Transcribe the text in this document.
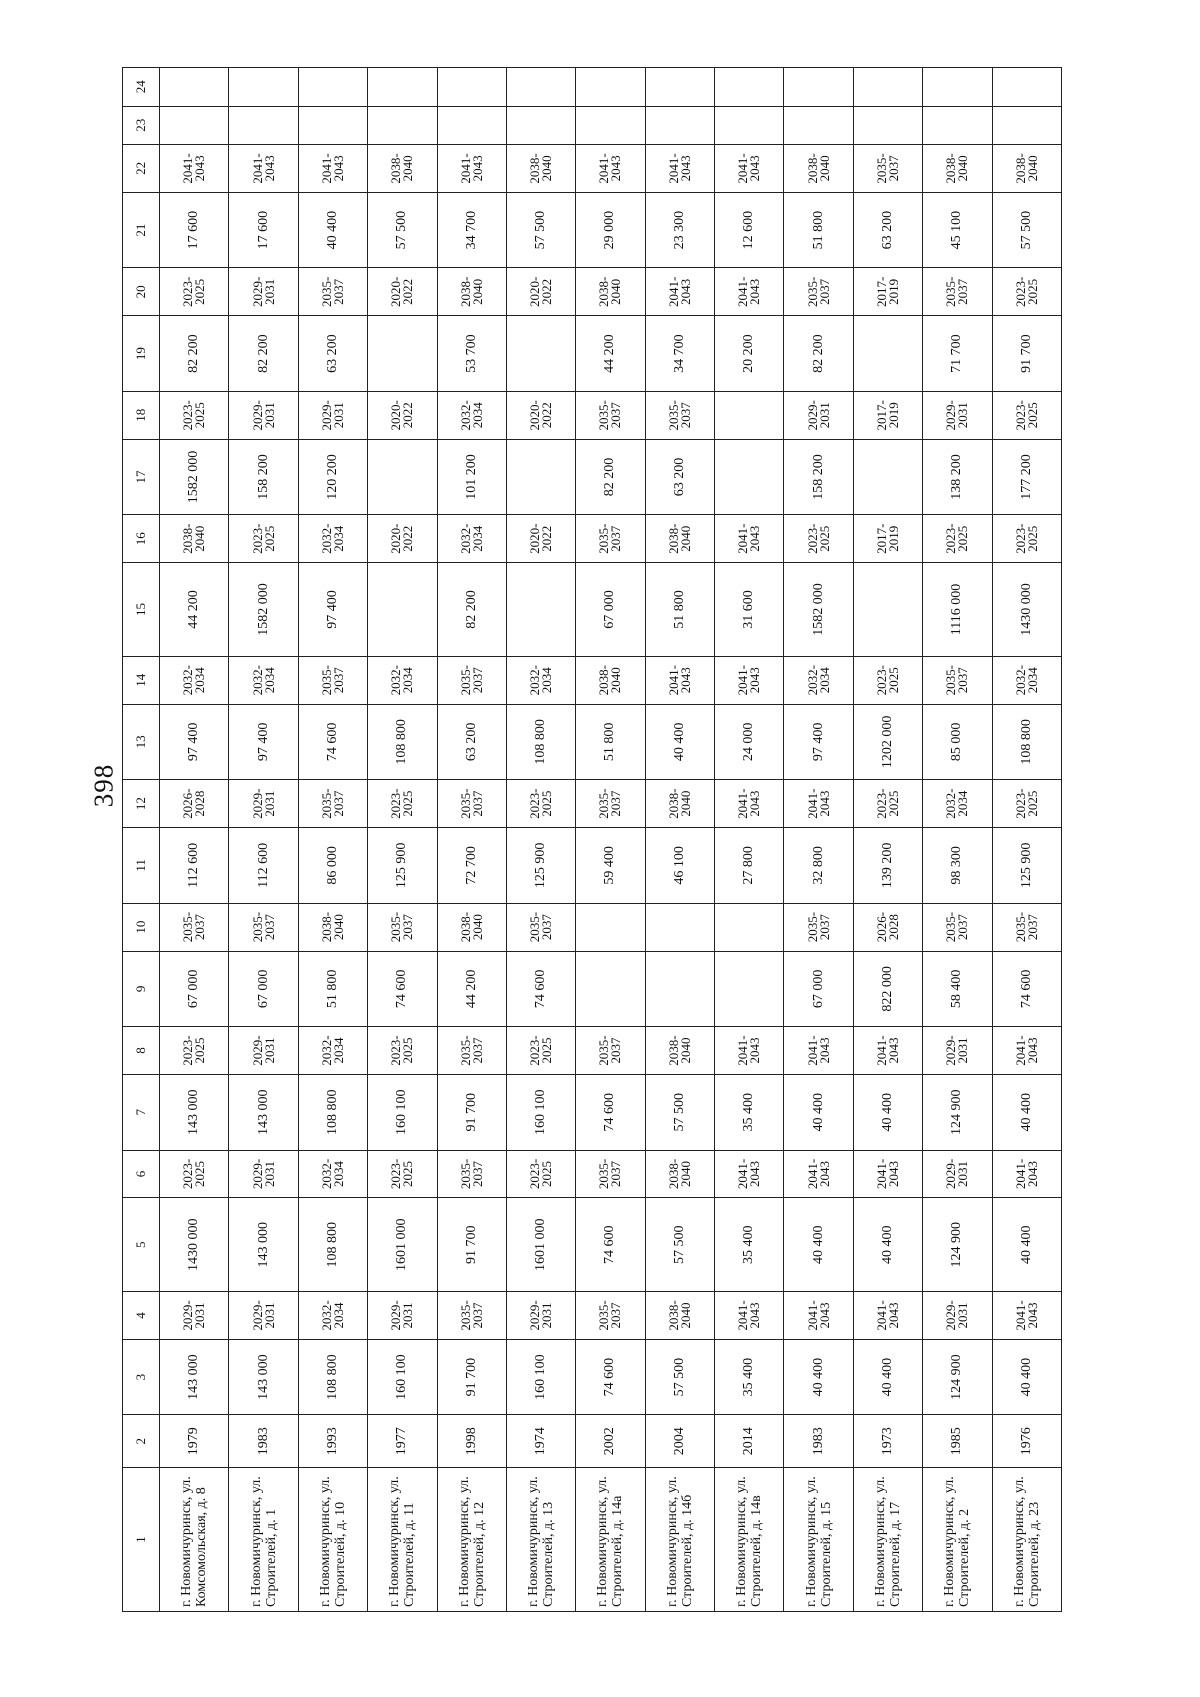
398
1	2	3	4	5	6	7	8	9	10	11	12	13	14	15	16	17	18	19	20	21	22	23	24
г. Новомичуринск, ул. Комсомольская, д. 8	1979	143 000	2029-2031	1430 000	2023-2025	143 000	2023-2025	67 000	2035-2037	112 600	2026-2028	97 400	2032-2034	44 200	2038-2040	1582 000	2023-2025	82 200	2023-2025	17 600	2041-2043		
г. Новомичуринск, ул. Строителей, д. 1	1983	143 000	2029-2031	143 000	2029-2031	143 000	2029-2031	67 000	2035-2037	112 600	2029-2031	97 400	2032-2034	1582 000	2023-2025	158 200	2029-2031	82 200	2029-2031	17 600	2041-2043		
г. Новомичуринск, ул. Строителей, д. 10	1993	108 800	2032-2034	108 800	2032-2034	108 800	2032-2034	51 800	2038-2040	86 000	2035-2037	74 600	2035-2037	97 400	2032-2034	120 200	2029-2031	63 200	2035-2037	40 400	2041-2043		
г. Новомичуринск, ул. Строителей, д. 11	1977	160 100	2029-2031	1601 000	2023-2025	160 100	2023-2025	74 600	2035-2037	125 900	2023-2025	108 800	2032-2034		2020-2022		2020-2022		2020-2022	57 500	2038-2040		
г. Новомичуринск, ул. Строителей, д. 12	1998	91 700	2035-2037	91 700	2035-2037	91 700	2035-2037	44 200	2038-2040	72 700	2035-2037	63 200	2035-2037	82 200	2032-2034	101 200	2032-2034	53 700	2038-2040	34 700	2041-2043		
г. Новомичуринск, ул. Строителей, д. 13	1974	160 100	2029-2031	1601 000	2023-2025	160 100	2023-2025	74 600	2035-2037	125 900	2023-2025	108 800	2032-2034		2020-2022		2020-2022		2020-2022	57 500	2038-2040		
г. Новомичуринск, ул. Строителей, д. 14а	2002	74 600	2035-2037	74 600	2035-2037	74 600	2035-2037			59 400	2035-2037	51 800	2038-2040	67 000	2035-2037	82 200	2035-2037	44 200	2038-2040	29 000	2041-2043		
г. Новомичуринск, ул. Строителей, д. 14б	2004	57 500	2038-2040	57 500	2038-2040	57 500	2038-2040			46 100	2038-2040	40 400	2041-2043	51 800	2038-2040	63 200	2035-2037	34 700	2041-2043	23 300	2041-2043		
г. Новомичуринск, ул. Строителей, д. 14в	2014	35 400	2041-2043	35 400	2041-2043	35 400	2041-2043			27 800	2041-2043	24 000	2041-2043	31 600	2041-2043			20 200	2041-2043	12 600	2041-2043		
г. Новомичуринск, ул. Строителей, д. 15	1983	40 400	2041-2043	40 400	2041-2043	40 400	2041-2043	67 000	2035-2037	32 800	2041-2043	97 400	2032-2034	1582 000	2023-2025	158 200	2029-2031	82 200	2035-2037	51 800	2038-2040		
г. Новомичуринск, ул. Строителей, д. 17	1973	40 400	2041-2043	40 400	2041-2043	40 400	2041-2043	822 000	2026-2028	139 200	2023-2025	1202 000	2023-2025		2017-2019		2017-2019		2017-2019	63 200	2035-2037		
г. Новомичуринск, ул. Строителей, д. 2	1985	124 900	2029-2031	124 900	2029-2031	124 900	2029-2031	58 400	2035-2037	98 300	2032-2034	85 000	2035-2037	1116 000	2023-2025	138 200	2029-2031	71 700	2035-2037	45 100	2038-2040		
г. Новомичуринск, ул. Строителей, д. 23	1976	40 400	2041-2043	40 400	2041-2043	40 400	2041-2043	74 600	2035-2037	125 900	2023-2025	108 800	2032-2034	1430 000	2023-2025	177 200	2023-2025	91 700	2023-2025	57 500	2038-2040		
